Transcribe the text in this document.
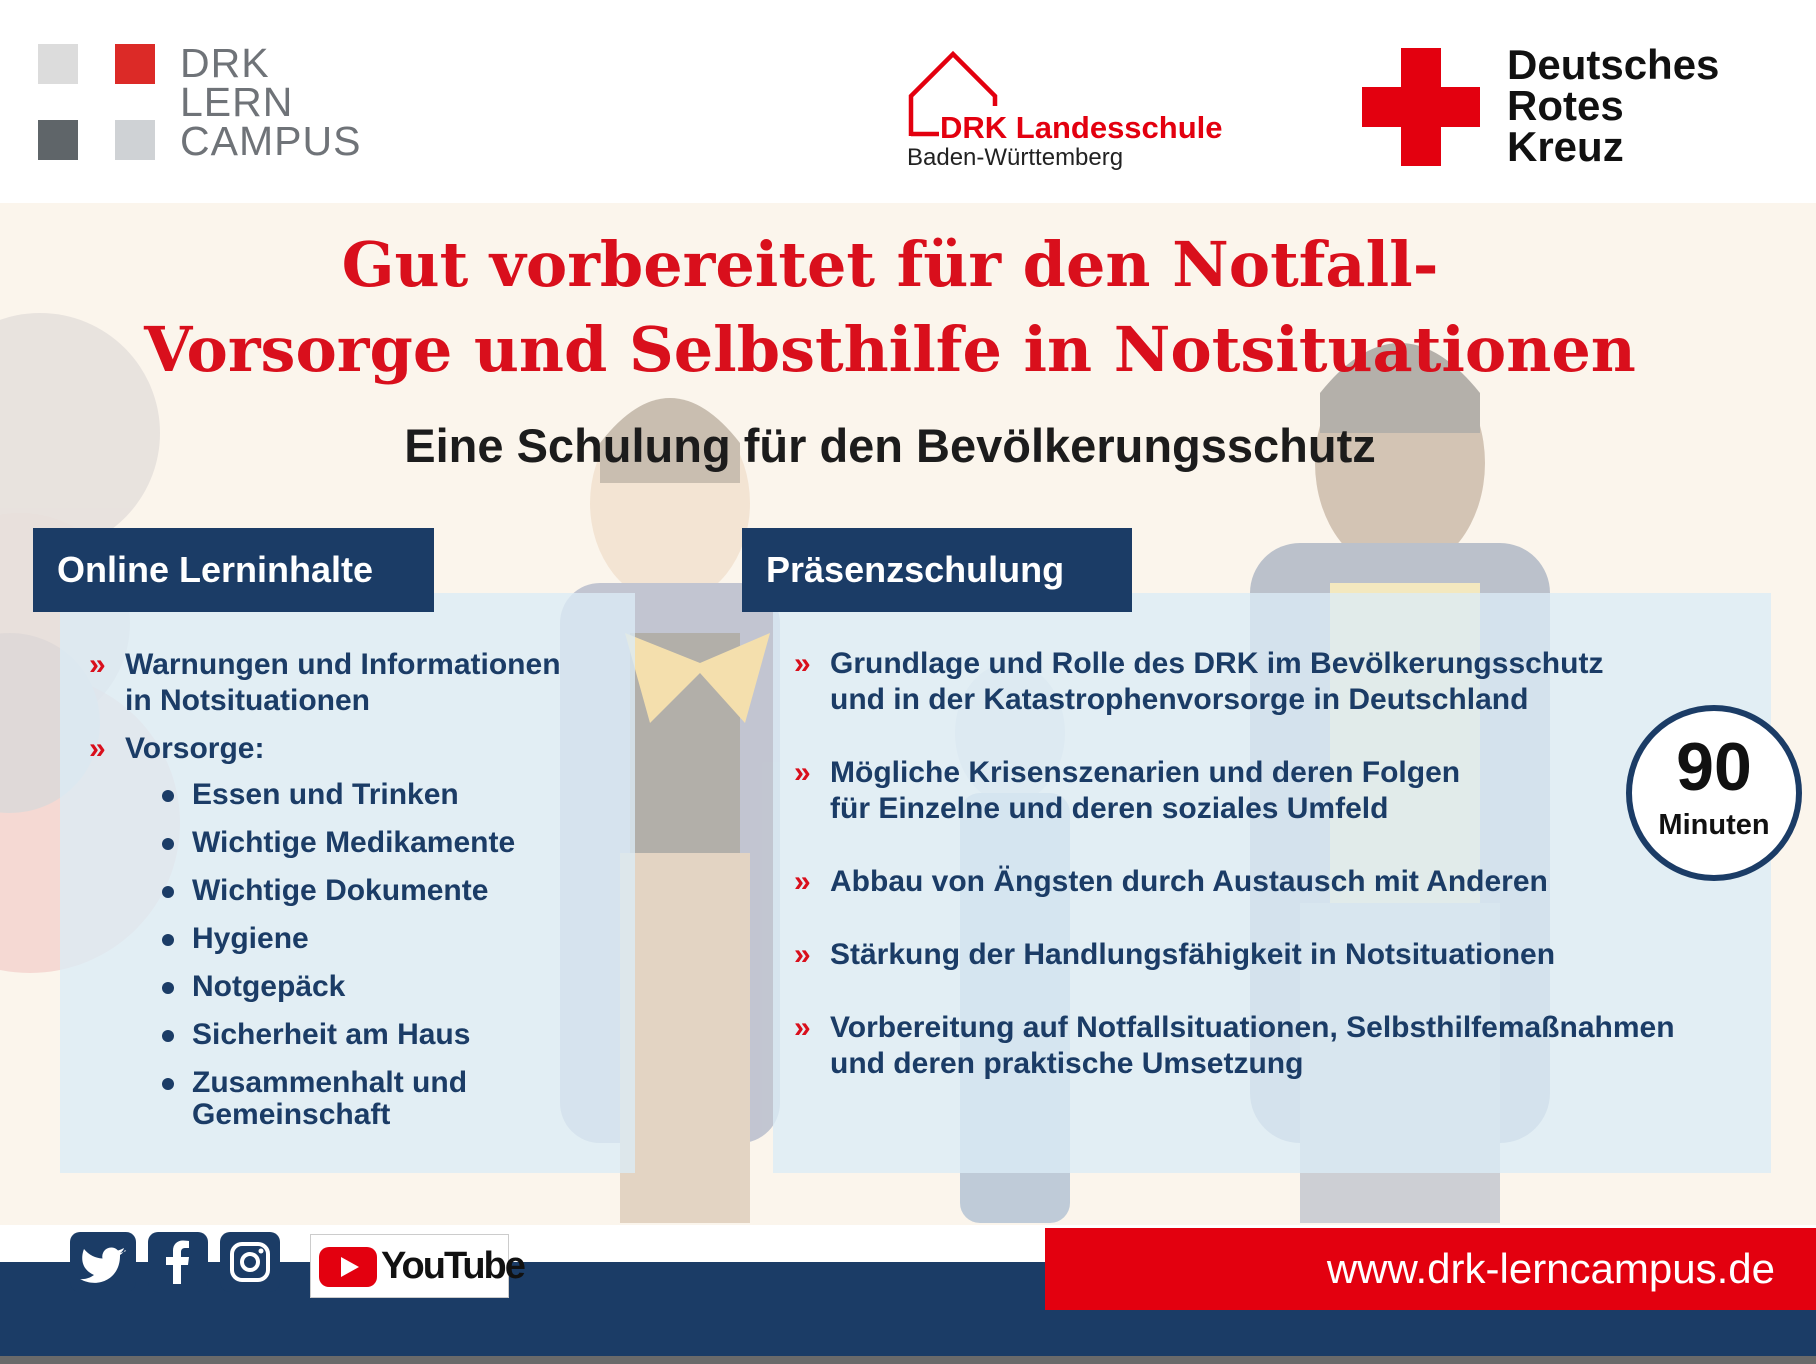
DRK
LERN
CAMPUS	DRK Landesschule
Baden-Württemberg
Deutsches
Rotes
Kreuz
Gut vorbereitet für den Notfall-
Vorsorge und Selbsthilfe in Notsituationen
Eine Schulung für den Bevölkerungsschutz
Online Lerninhalte	Präsenzschulung
» Warnungen und Informationen
in Notsituationen
» Vorsorge:
Essen und Trinken
Wichtige Medikamente
Wichtige Dokumente
Hygiene
Notgepäck
Sicherheit am Haus
Zusammenhalt und
Gemeinschaft
» Grundlage und Rolle des DRK im Bevölkerungsschutz
und in der Katastrophenvorsorge in Deutschland
» Mögliche Krisenszenarien und deren Folgen
für Einzelne und deren soziales Umfeld
» Abbau von Ängsten durch Austausch mit Anderen
» Stärkung der Handlungsfähigkeit in Notsituationen
» Vorbereitung auf Notfallsituationen, Selbsthilfemaßnahmen
und deren praktische Umsetzung
90
Minuten
YouTube	www.drk-lerncampus.de
